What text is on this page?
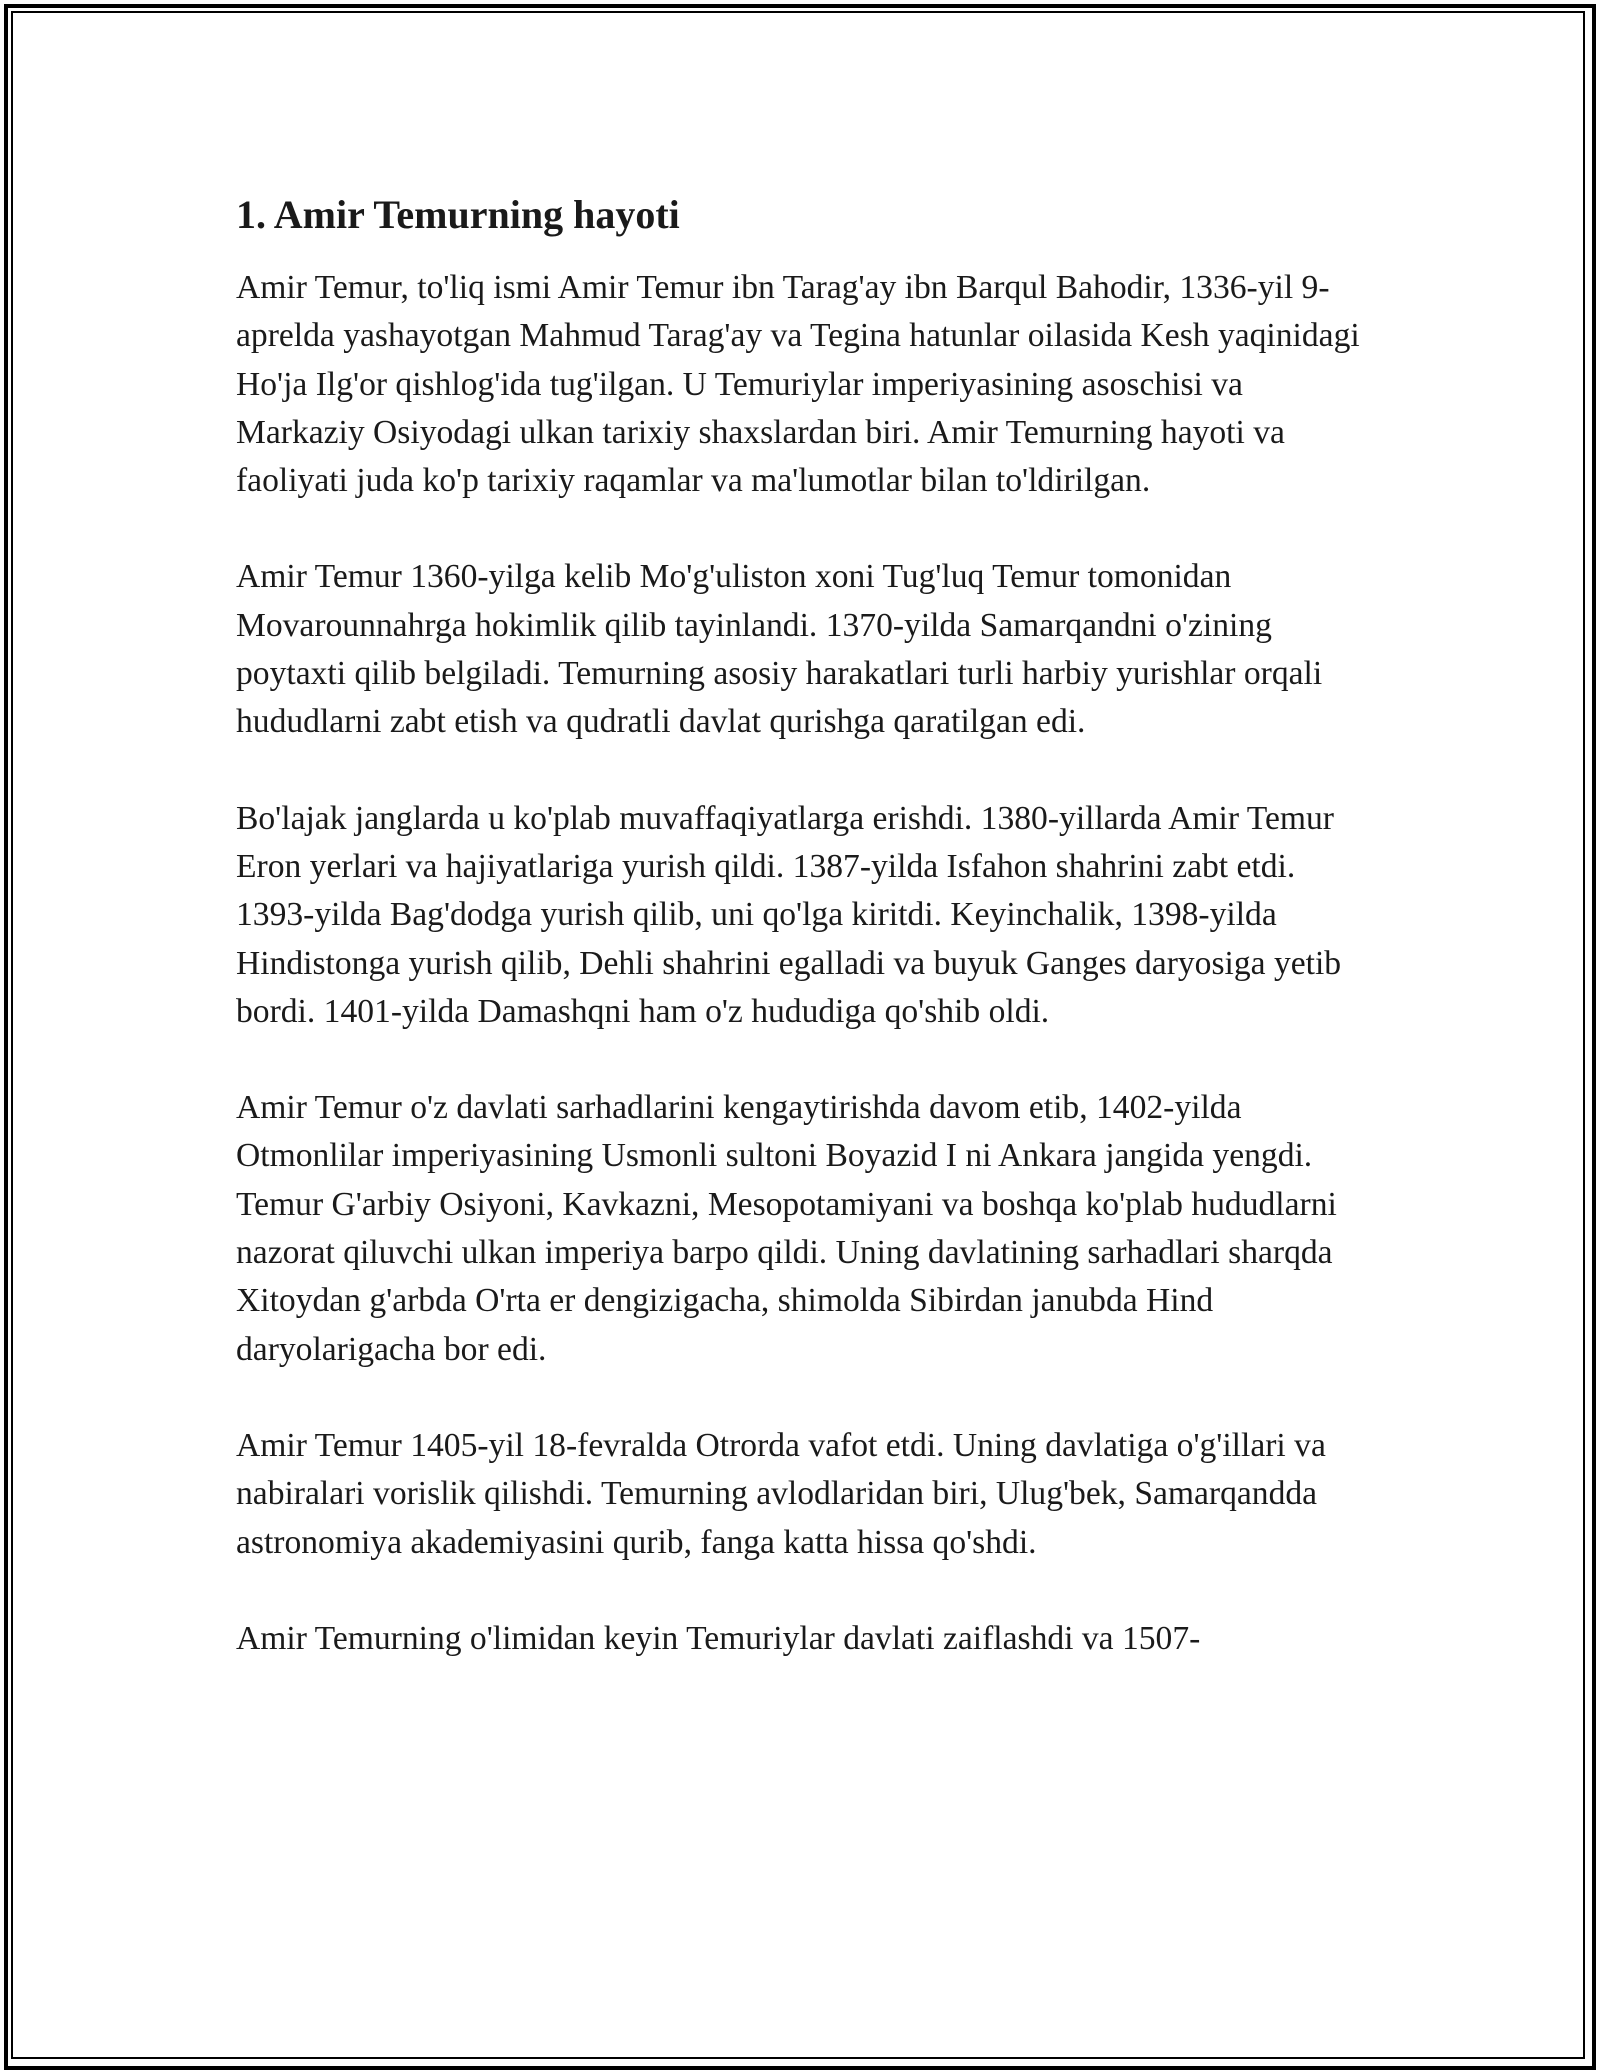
1. Amir Temurning hayoti

Amir Temur, to'liq ismi Amir Temur ibn Tarag'ay ibn Barqul Bahodir, 1336-yil 9-aprelda yashayotgan Mahmud Tarag'ay va Tegina hatunlar oilasida Kesh yaqinidagi Ho'ja Ilg'or qishlog'ida tug'ilgan. U Temuriylar imperiyasining asoschisi va Markaziy Osiyodagi ulkan tarixiy shaxslardan biri. Amir Temurning hayoti va faoliyati juda ko'p tarixiy raqamlar va ma'lumotlar bilan to'ldirilgan.

Amir Temur 1360-yilga kelib Mo'g'uliston xoni Tug'luq Temur tomonidan Movarounnahrga hokimlik qilib tayinlandi. 1370-yilda Samarqandni o'zining poytaxti qilib belgiladi. Temurning asosiy harakatlari turli harbiy yurishlar orqali hududlarni zabt etish va qudratli davlat qurishga qaratilgan edi.

Bo'lajak janglarda u ko'plab muvaffaqiyatlarga erishdi. 1380-yillarda Amir Temur Eron yerlari va hajiyatlariga yurish qildi. 1387-yilda Isfahon shahrini zabt etdi. 1393-yilda Bag'dodga yurish qilib, uni qo'lga kiritdi. Keyinchalik, 1398-yilda Hindistonga yurish qilib, Dehli shahrini egalladi va buyuk Ganges daryosiga yetib bordi. 1401-yilda Damashqni ham o'z hududiga qo'shib oldi.

Amir Temur o'z davlati sarhadlarini kengaytirishda davom etib, 1402-yilda Otmonlilar imperiyasining Usmonli sultoni Boyazid I ni Ankara jangida yengdi. Temur G'arbiy Osiyoni, Kavkazni, Mesopotamiyani va boshqa ko'plab hududlarni nazorat qiluvchi ulkan imperiya barpo qildi. Uning davlatining sarhadlari sharqda Xitoydan g'arbda O'rta er dengizigacha, shimolda Sibirdan janubda Hind daryolarigacha bor edi.

Amir Temur 1405-yil 18-fevralda Otrorda vafot etdi. Uning davlatiga o'g'illari va nabiralari vorislik qilishdi. Temurning avlodlaridan biri, Ulug'bek, Samarqandda astronomiya akademiyasini qurib, fanga katta hissa qo'shdi.

Amir Temurning o'limidan keyin Temuriylar davlati zaiflashdi va 1507-
